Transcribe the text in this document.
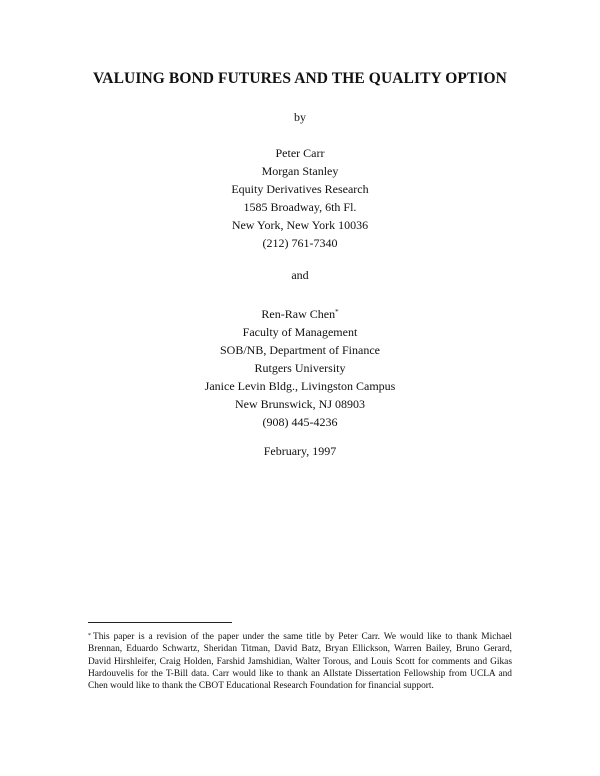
VALUING BOND FUTURES AND THE QUALITY OPTION
by
Peter Carr
Morgan Stanley
Equity Derivatives Research
1585 Broadway, 6th Fl.
New York, New York 10036
(212) 761-7340
and
Ren-Raw Chen*
Faculty of Management
SOB/NB, Department of Finance
Rutgers University
Janice Levin Bldg., Livingston Campus
New Brunswick, NJ 08903
(908) 445-4236
February, 1997
* This paper is a revision of the paper under the same title by Peter Carr. We would like to thank Michael Brennan, Eduardo Schwartz, Sheridan Titman, David Batz, Bryan Ellickson, Warren Bailey, Bruno Gerard, David Hirshleifer, Craig Holden, Farshid Jamshidian, Walter Torous, and Louis Scott for comments and Gikas Hardouvelis for the T-Bill data. Carr would like to thank an Allstate Dissertation Fellowship from UCLA and Chen would like to thank the CBOT Educational Research Foundation for financial support.
